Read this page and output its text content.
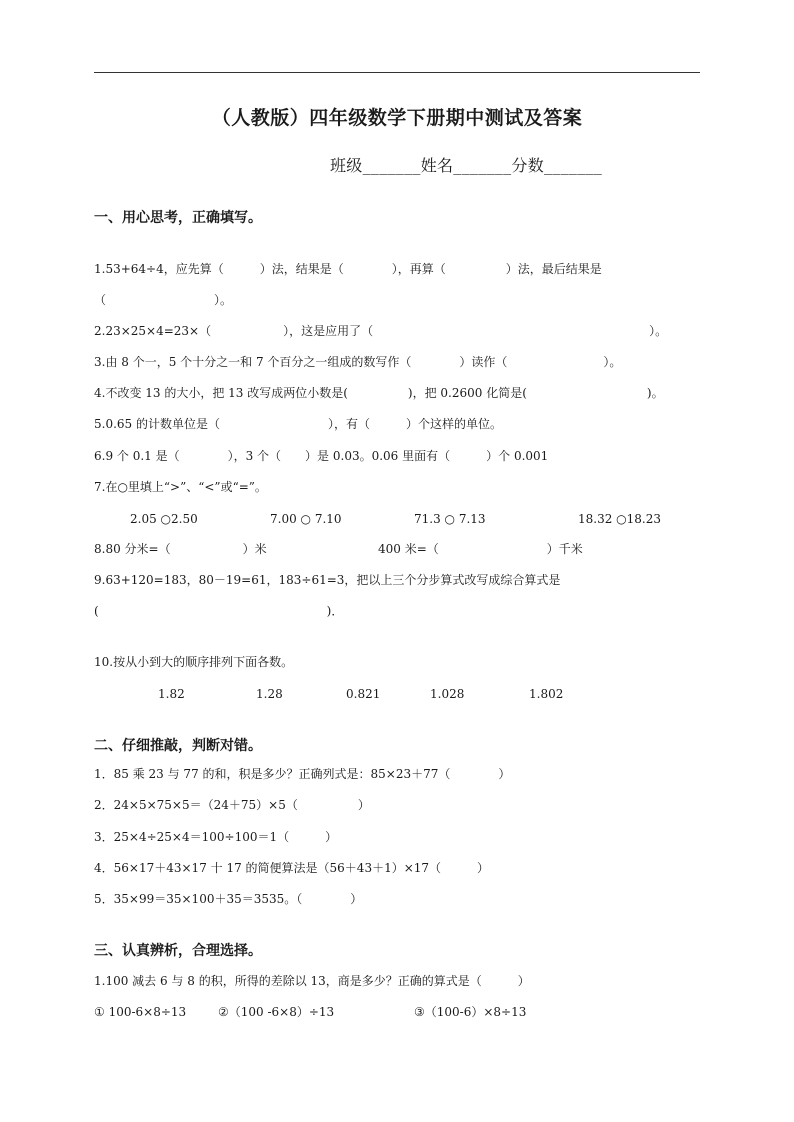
（人教版）四年级数学下册期中测试及答案
班级_______姓名_______分数_______
一、用心思考，正确填写。
1.53+64÷4，应先算（　　　）法，结果是（　　　　），再算（　　　　　）法，最后结果是
（　　　　　　　　　）。
2.23×25×4=23×（　　　　　　），这是应用了（　　　　　　　　　　　　　　　　　　　　　　　）。
3.由 8 个一，5 个十分之一和 7 个百分之一组成的数写作（　　　　）读作（　　　　　　　　）。
4.不改变 13 的大小，把 13 改写成两位小数是(　　　　　)，把 0.2600 化简是(　　　　　　　　　　)。
5.0.65 的计数单位是（　　　　　　　　　），有（　　　）个这样的单位。
6.9 个 0.1 是（　　　　），3 个（　　）是 0.03。0.06 里面有（　　　）个 0.001
7.在○里填上“>”、“<”或“=”。
2.05 ○2.50	7.00 ○ 7.10	71.3 ○ 7.13	18.32 ○18.23
8.80 分米=（　　　　　　）米	400 米=（　　　　　　　　　）千米
9.63+120=183，80－19=61，183÷61=3，把以上三个分步算式改写成综合算式是
(　　　　　　　　　　　　　　　　　　　)．
10.按从小到大的顺序排列下面各数。
1.82	1.28	0.821	1.028	1.802
二、仔细推敲，判断对错。
1．85 乘 23 与 77 的和，积是多少？正确列式是：85×23＋77（　　　　）
2．24×5×75×5＝（24＋75）×5（　　　　　）
3．25×4÷25×4＝100÷100＝1（　　　）
4．56×17＋43×17 十 17 的简便算法是（56＋43＋1）×17（　　　）
5．35×99＝35×100＋35＝3535。（　　　　）
三、认真辨析，合理选择。
1.100 减去 6 与 8 的积，所得的差除以 13，商是多少？正确的算式是（　　　）
① 100-6×8÷13	②（100 -6×8）÷13	③（100-6）×8÷13
